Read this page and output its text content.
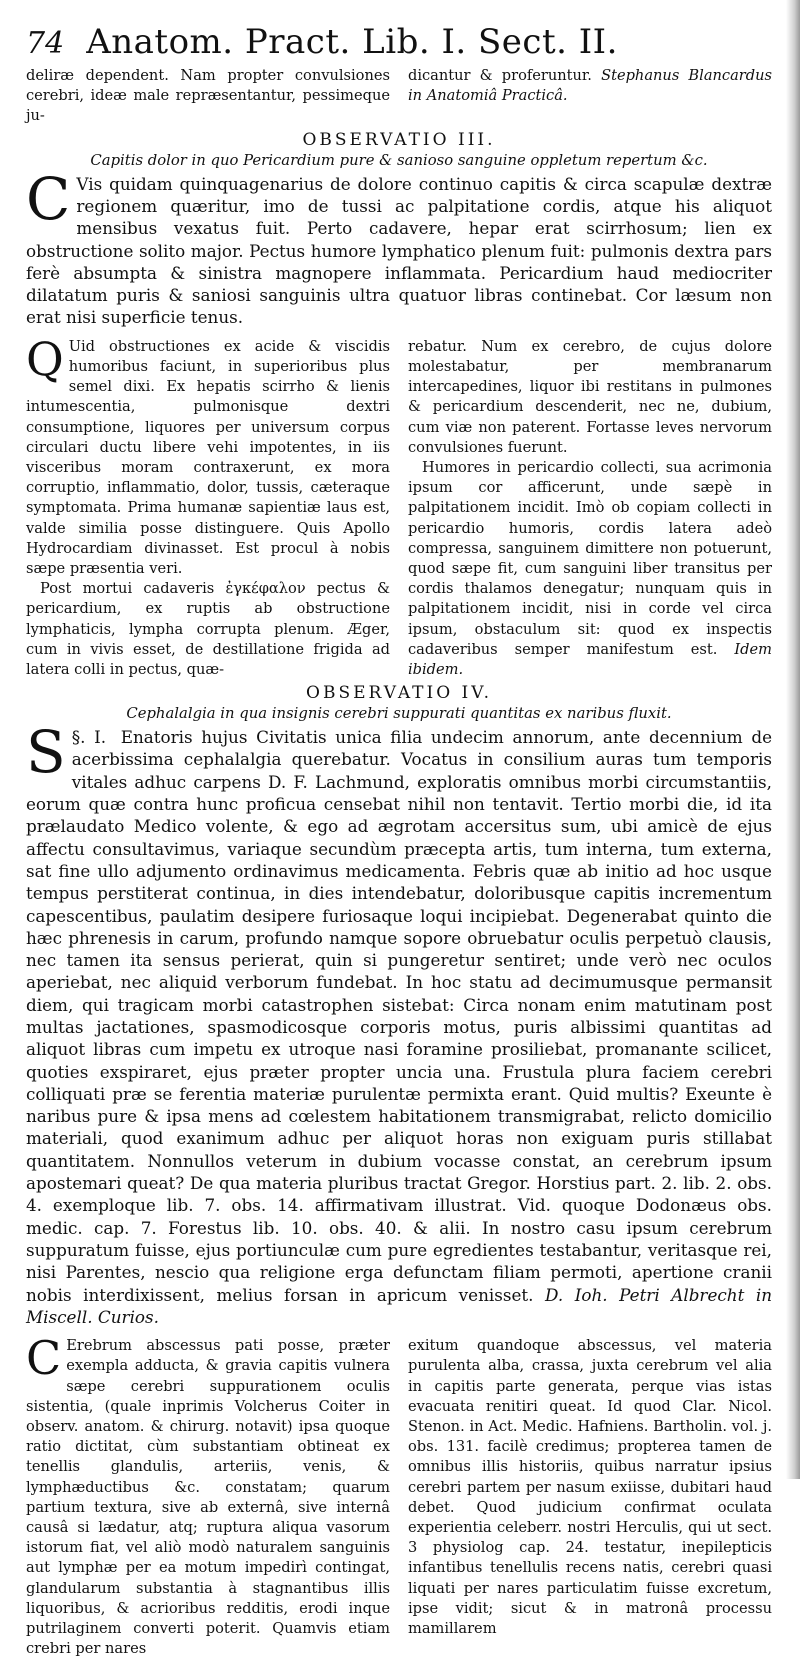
74 Anatom. Pract. Lib. I. Sect. II.

deliræ dependent. Nam propter convulsiones cerebri, ideæ male repræsentantur, pessimeque ju-

dicantur & proferuntur. Stephanus Blancardus in Anatomiâ Practicâ.

OBSERVATIO III.
Capitis dolor in quo Pericardium pure & sanioso sanguine oppletum repertum &c.

C Vis quidam quinquagenarius de dolore continuo capitis & circa scapulæ dextræ regionem quæritur, imo de tussi ac palpitatione cordis, atque his aliquot mensibus vexatus fuit. Perto cadavere, hepar erat scirrhosum; lien ex obstructione solito major. Pectus humore lymphatico plenum fuit: pulmonis dextra pars ferè absumpta & sinistra magnopere inflammata. Pericardium haud mediocriter dilatatum puris & saniosi sanguinis ultra quatuor libras continebat. Cor læsum non erat nisi superficie tenus.

Q Uid obstructiones ex acide & viscidis humoribus faciunt, in superioribus plus semel dixi. Ex hepatis scirrho & lienis intumescentia, pulmonisque dextri consumptione, liquores per universum corpus circulari ductu libere vehi impotentes, in iis visceribus moram contraxerunt, ex mora corruptio, inflammatio, dolor, tussis, cæteraque symptomata. Prima humanæ sapientiæ laus est, valde similia posse distinguere. Quis Apollo Hydrocardiam divinasset. Est procul à nobis sæpe præsentia veri.

Post mortui cadaveris ἐγκέφαλον pectus & pericardium, ex ruptis ab obstructione lymphaticis, lympha corrupta plenum. Æger, cum in vivis esset, de destillatione frigida ad latera colli in pectus, quæ-

rebatur. Num ex cerebro, de cujus dolore molestabatur, per membranarum intercapedines, liquor ibi restitans in pulmones & pericardium descenderit, nec ne, dubium, cum viæ non paterent. Fortasse leves nervorum convulsiones fuerunt.

Humores in pericardio collecti, sua acrimonia ipsum cor afficerunt, unde sæpè in palpitationem incidit. Imò ob copiam collecti in pericardio humoris, cordis latera adeò compressa, sanguinem dimittere non potuerunt, quod sæpe fit, cum sanguini liber transitus per cordis thalamos denegatur; nunquam quis in palpitationem incidit, nisi in corde vel circa ipsum, obstaculum sit: quod ex inspectis cadaveribus semper manifestum est. Idem ibidem.

OBSERVATIO IV.
Cephalalgia in qua insignis cerebri suppurati quantitas ex naribus fluxit.

§. I.
S	Enatoris hujus Civitatis unica filia undecim annorum, ante decennium de acerbissima cephalalgia querebatur. Vocatus in consilium auras tum temporis vitales adhuc carpens D. F. Lachmund, exploratis omnibus morbi circumstantiis, eorum quæ contra hunc proficua censebat nihil non tentavit. Tertio morbi die, id ita prælaudato Medico volente, & ego ad ægrotam accersitus sum, ubi amicè de ejus affectu consultavimus, variaque secundùm præcepta artis, tum interna, tum externa, sat fine ullo adjumento ordinavimus medicamenta. Febris quæ ab initio ad hoc usque tempus perstiterat continua, in dies intendebatur, doloribusque capitis incrementum capescentibus, paulatim desipere furiosaque loqui incipiebat. Degenerabat quinto die hæc phrenesis in carum, profundo namque sopore obruebatur oculis perpetuò clausis, nec tamen ita sensus perierat, quin si pungeretur sentiret; unde verò nec oculos aperiebat, nec aliquid verborum fundebat. In hoc statu ad decimumusque permansit diem, qui tragicam morbi catastrophen sistebat: Circa nonam enim matutinam post multas jactationes, spasmodicosque corporis motus, puris albissimi quantitas ad aliquot libras cum impetu ex utroque nasi foramine prosiliebat, promanante scilicet, quoties exspiraret, ejus præter propter uncia una. Frustula plura faciem cerebri colliquati præ se ferentia materiæ purulentæ permixta erant. Quid multis? Exeunte è naribus pure & ipsa mens ad cœlestem habitationem transmigrabat, relicto domicilio materiali, quod exanimum adhuc per aliquot horas non exiguam puris stillabat quantitatem. Nonnullos veterum in dubium vocasse constat, an cerebrum ipsum apostemari queat? De qua materia pluribus tractat Gregor. Horstius part. 2. lib. 2. obs. 4. exemploque lib. 7. obs. 14. affirmativam illustrat. Vid. quoque Dodonæus obs. medic. cap. 7. Forestus lib. 10. obs. 40. & alii. In nostro casu ipsum cerebrum suppuratum fuisse, ejus portiunculæ cum pure egredientes testabantur, veritasque rei, nisi Parentes, nescio qua religione erga defunctam filiam permoti, apertione cranii nobis interdixissent, melius forsan in apricum venisset. D. Ioh. Petri Albrecht in Miscell. Curios.

C Erebrum abscessus pati posse, præter exempla adducta, & gravia capitis vulnera sæpe cerebri suppurationem oculis sistentia, (quale inprimis Volcherus Coiter in observ. anatom. & chirurg. notavit) ipsa quoque ratio dictitat, cùm substantiam obtineat ex tenellis glandulis, arteriis, venis, & lymphæductibus &c. constatam; quarum partium textura, sive ab externâ, sive internâ causâ si lædatur, atq; ruptura aliqua vasorum istorum fiat, vel aliò modò naturalem sanguinis aut lymphæ per ea motum impedirì contingat, glandularum substantia à stagnantibus illis liquoribus, & acrioribus redditis, erodi inque putrilaginem converti poterit. Quamvis etiam crebri per nares

exitum quandoque abscessus, vel materia purulenta alba, crassa, juxta cerebrum vel alia in capitis parte generata, perque vias istas evacuata renitiri queat. Id quod Clar. Nicol. Stenon. in Act. Medic. Hafniens. Bartholin. vol. j. obs. 131. facilè credimus; propterea tamen de omnibus illis historiis, quibus narratur ipsius cerebri partem per nasum exiisse, dubitari haud debet. Quod judicium confirmat oculata experientia celeberr. nostri Herculis, qui ut sect. 3 physiolog cap. 24. testatur, inepilepticis infantibus tenellulis recens natis, cerebri quasi liquati per nares particulatim fuisse excretum, ipse vidit; sicut & in matronâ processu mamillarem
